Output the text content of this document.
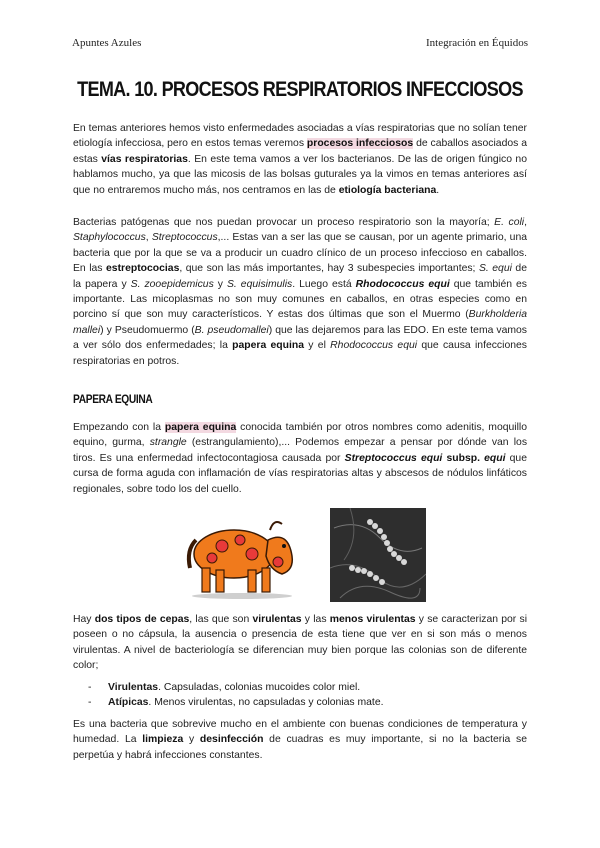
Apuntes Azules	Integración en Équidos
TEMA. 10. PROCESOS RESPIRATORIOS INFECCIOSOS
En temas anteriores hemos visto enfermedades asociadas a vías respiratorias que no solían tener etiología infecciosa, pero en estos temas veremos procesos infecciosos de caballos asociados a estas vías respiratorias. En este tema vamos a ver los bacterianos. De las de origen fúngico no hablamos mucho, ya que las micosis de las bolsas guturales ya la vimos en temas anteriores así que no entraremos mucho más, nos centramos en las de etiología bacteriana.
Bacterias patógenas que nos puedan provocar un proceso respiratorio son la mayoría; E. coli, Staphylococcus, Streptococcus,... Estas van a ser las que se causan, por un agente primario, una bacteria que por la que se va a producir un cuadro clínico de un proceso infeccioso en caballos. En las estreptococias, que son las más importantes, hay 3 subespecies importantes; S. equi de la papera y S. zooepidemicus y S. equisimulis. Luego está Rhodococcus equi que también es importante. Las micoplasmas no son muy comunes en caballos, en otras especies como en porcino sí que son muy característicos. Y estas dos últimas que son el Muermo (Burkholderia mallei) y Pseudomuermo (B. pseudomallei) que las dejaremos para las EDO. En este tema vamos a ver sólo dos enfermedades; la papera equina y el Rhodococcus equi que causa infecciones respiratorias en potros.
PAPERA EQUINA
Empezando con la papera equina conocida también por otros nombres como adenitis, moquillo equino, gurma, strangle (estrangulamiento),... Podemos empezar a pensar por dónde van los tiros. Es una enfermedad infectocontagiosa causada por Streptococcus equi subsp. equi que cursa de forma aguda con inflamación de vías respiratorias altas y abscesos de nódulos linfáticos regionales, sobre todo los del cuello.
Hay dos tipos de cepas, las que son virulentas y las menos virulentas y se caracterizan por si poseen o no cápsula, la ausencia o presencia de esta tiene que ver en si son más o menos virulentas. A nivel de bacteriología se diferencian muy bien porque las colonias son de diferente color;
- Virulentas. Capsuladas, colonias mucoides color miel.
- Atípicas. Menos virulentas, no capsuladas y colonias mate.
Es una bacteria que sobrevive mucho en el ambiente con buenas condiciones de temperatura y humedad. La limpieza y desinfección de cuadras es muy importante, si no la bacteria se perpetúa y habrá infecciones constantes.
